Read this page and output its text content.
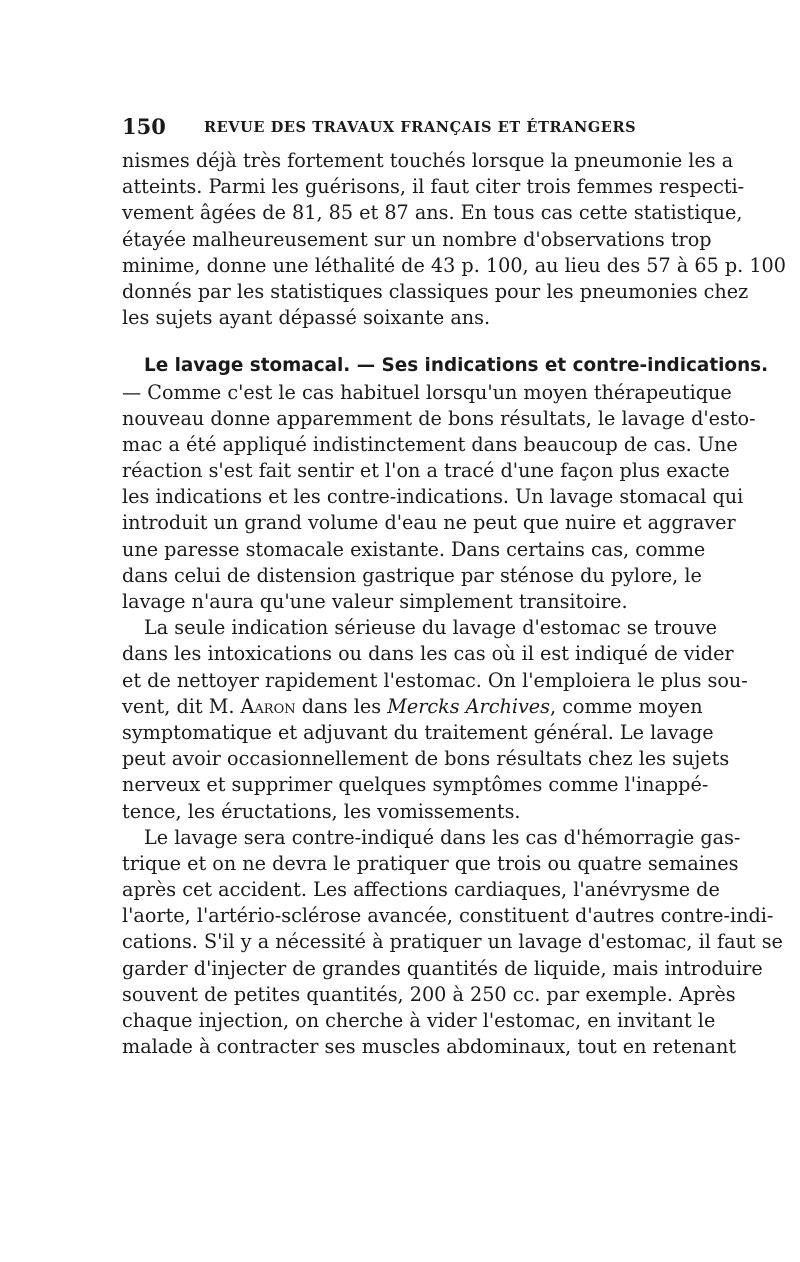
150	REVUE DES TRAVAUX FRANÇAIS ET ÉTRANGERS
nismes déjà très fortement touchés lorsque la pneumonie les a
atteints. Parmi les guérisons, il faut citer trois femmes respecti-
vement âgées de 81, 85 et 87 ans. En tous cas cette statistique,
étayée malheureusement sur un nombre d'observations trop
minime, donne une léthalité de 43 p. 100, au lieu des 57 à 65 p. 100
donnés par les statistiques classiques pour les pneumonies chez
les sujets ayant dépassé soixante ans.
Le lavage stomacal. — Ses indications et contre-indications.
— Comme c'est le cas habituel lorsqu'un moyen thérapeutique
nouveau donne apparemment de bons résultats, le lavage d'esto-
mac a été appliqué indistinctement dans beaucoup de cas. Une
réaction s'est fait sentir et l'on a tracé d'une façon plus exacte
les indications et les contre-indications. Un lavage stomacal qui
introduit un grand volume d'eau ne peut que nuire et aggraver
une paresse stomacale existante. Dans certains cas, comme
dans celui de distension gastrique par sténose du pylore, le
lavage n'aura qu'une valeur simplement transitoire.
La seule indication sérieuse du lavage d'estomac se trouve
dans les intoxications ou dans les cas où il est indiqué de vider
et de nettoyer rapidement l'estomac. On l'emploiera le plus sou-
vent, dit M. Aaron dans les Mercks Archives, comme moyen
symptomatique et adjuvant du traitement général. Le lavage
peut avoir occasionnellement de bons résultats chez les sujets
nerveux et supprimer quelques symptômes comme l'inappé-
tence, les éructations, les vomissements.
Le lavage sera contre-indiqué dans les cas d'hémorragie gas-
trique et on ne devra le pratiquer que trois ou quatre semaines
après cet accident. Les affections cardiaques, l'anévrysme de
l'aorte, l'artério-sclérose avancée, constituent d'autres contre-indi-
cations. S'il y a nécessité à pratiquer un lavage d'estomac, il faut se
garder d'injecter de grandes quantités de liquide, mais introduire
souvent de petites quantités, 200 à 250 cc. par exemple. Après
chaque injection, on cherche à vider l'estomac, en invitant le
malade à contracter ses muscles abdominaux, tout en retenant
